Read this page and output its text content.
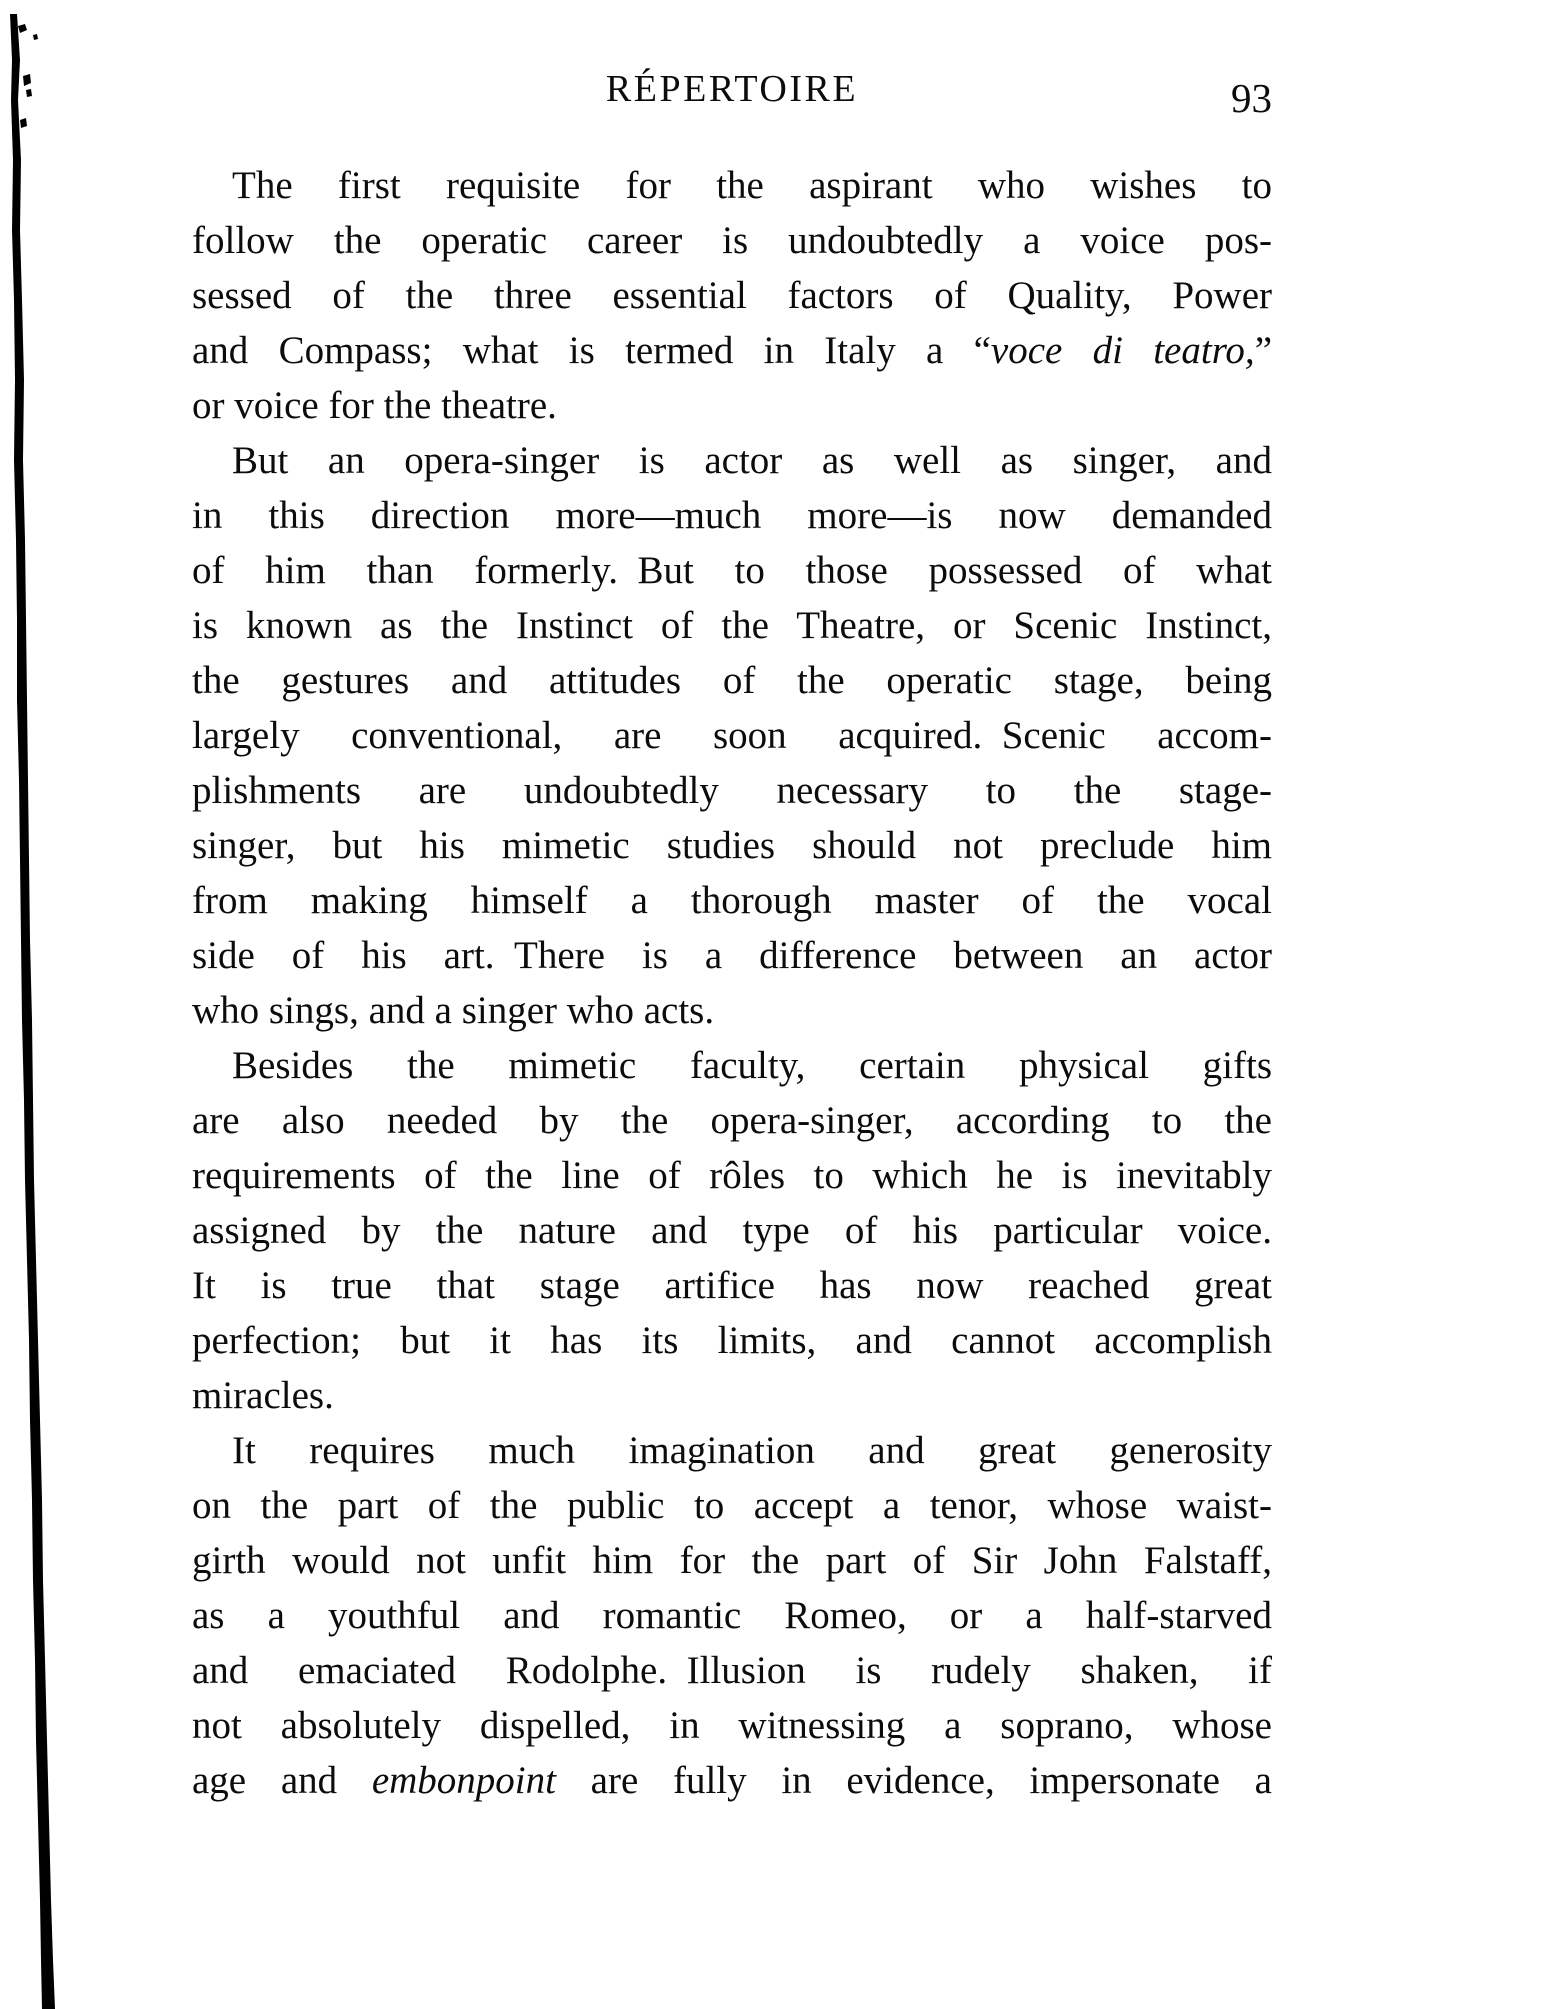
RÉPERTOIRE	93
The first requisite for the aspirant who wishes to
follow the operatic career is undoubtedly a voice pos-
sessed of the three essential factors of Quality, Power
and Compass; what is termed in Italy a “voce di teatro,”
or voice for the theatre.
But an opera-singer is actor as well as singer, and
in this direction more—much more—is now demanded
of him than formerly. But to those possessed of what
is known as the Instinct of the Theatre, or Scenic Instinct,
the gestures and attitudes of the operatic stage, being
largely conventional, are soon acquired. Scenic accom-
plishments are undoubtedly necessary to the stage-
singer, but his mimetic studies should not preclude him
from making himself a thorough master of the vocal
side of his art. There is a difference between an actor
who sings, and a singer who acts.
Besides the mimetic faculty, certain physical gifts
are also needed by the opera-singer, according to the
requirements of the line of rôles to which he is inevitably
assigned by the nature and type of his particular voice.
It is true that stage artifice has now reached great
perfection; but it has its limits, and cannot accomplish
miracles.
It requires much imagination and great generosity
on the part of the public to accept a tenor, whose waist-
girth would not unfit him for the part of Sir John Falstaff,
as a youthful and romantic Romeo, or a half-starved
and emaciated Rodolphe. Illusion is rudely shaken, if
not absolutely dispelled, in witnessing a soprano, whose
age and embonpoint are fully in evidence, impersonate a
